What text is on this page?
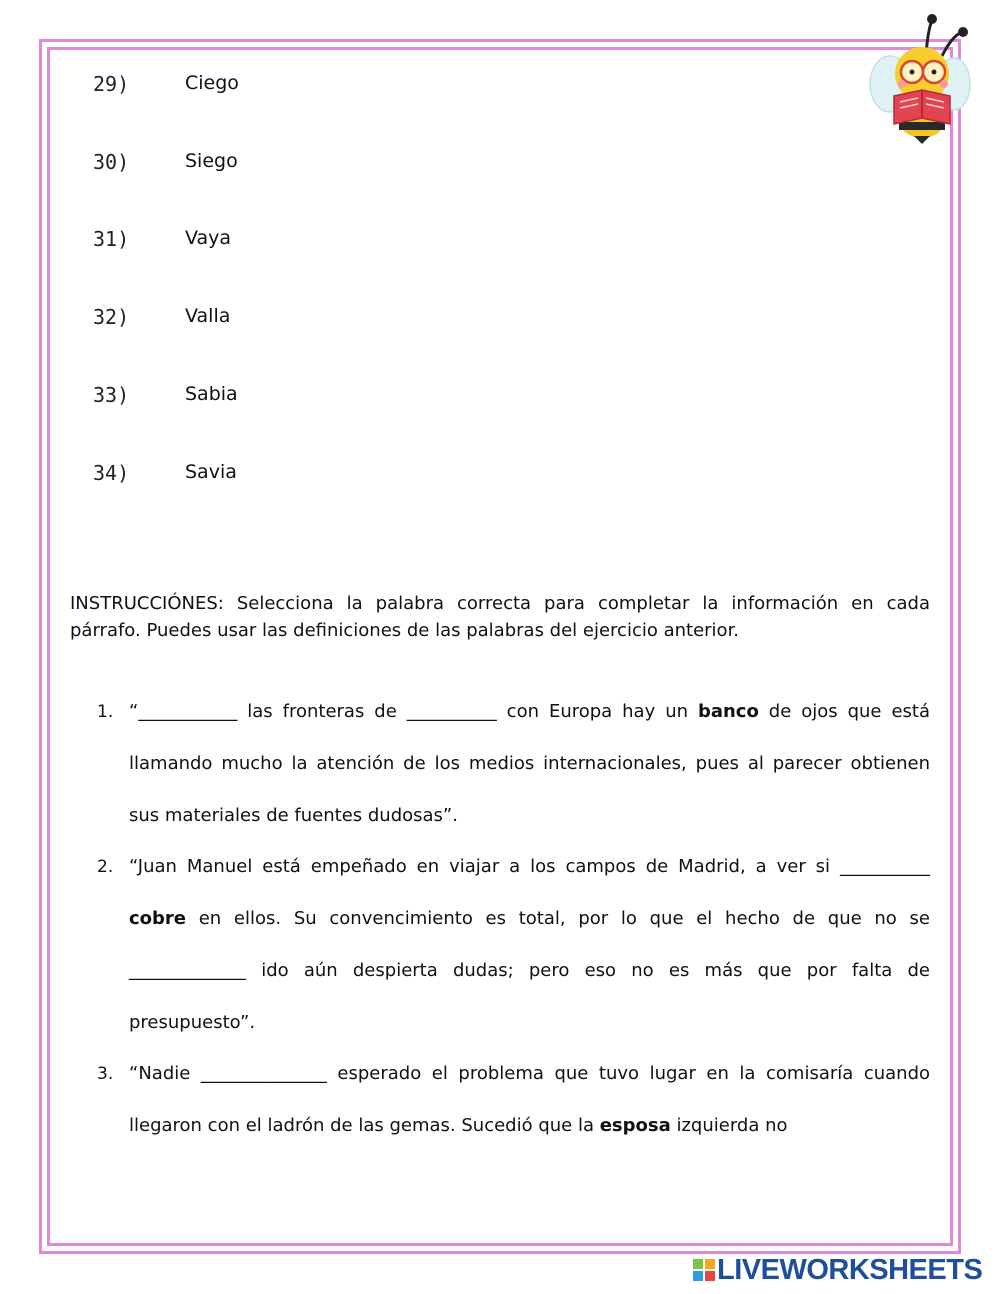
29)	Ciego
30)	Siego
31)	Vaya
32)	Valla
33)	Sabia
34)	Savia

INSTRUCCIÓNES: Selecciona la palabra correcta para completar la información en cada párrafo. Puedes usar las definiciones de las palabras del ejercicio anterior.

1. “___________ las fronteras de __________ con Europa hay un banco de ojos que está llamando mucho la atención de los medios internacionales, pues al parecer obtienen sus materiales de fuentes dudosas”.
2. “Juan Manuel está empeñado en viajar a los campos de Madrid, a ver si __________ cobre en ellos. Su convencimiento es total, por lo que el hecho de que no se _____________ ido aún despierta dudas; pero eso no es más que por falta de presupuesto”.
3. “Nadie ______________ esperado el problema que tuvo lugar en la comisaría cuando llegaron con el ladrón de las gemas. Sucedió que la esposa izquierda no
LIVEWORKSHEETS
